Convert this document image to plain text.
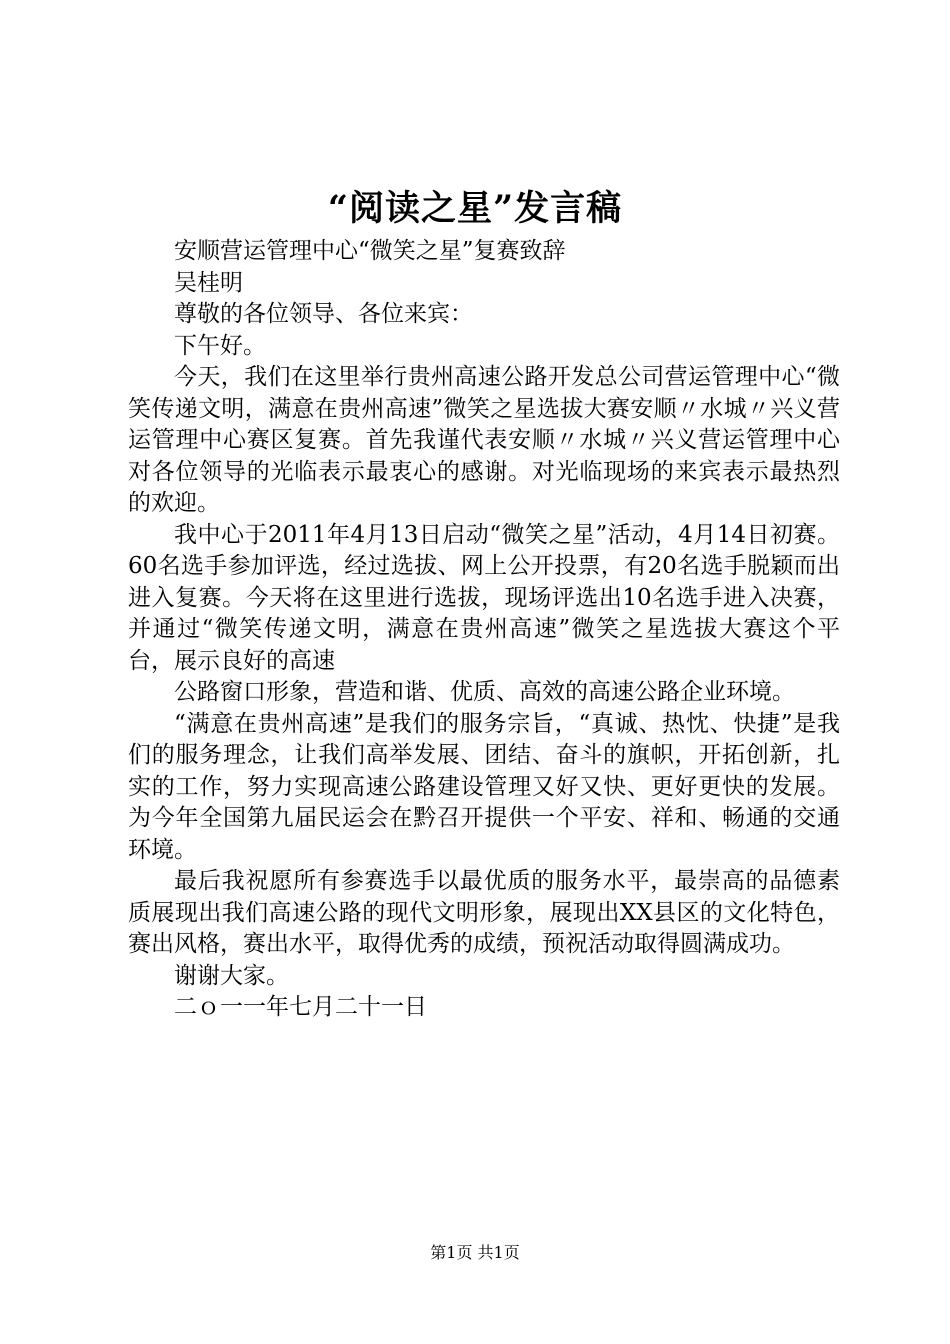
“阅读之星”发言稿

安顺营运管理中心“微笑之星”复赛致辞

吴桂明

尊敬的各位领导、各位来宾：

下午好。

今天，我们在这里举行贵州高速公路开发总公司营运管理中心“微笑传递文明，满意在贵州高速”微笑之星选拔大赛安顺〃水城〃兴义营运管理中心赛区复赛。首先我谨代表安顺〃水城〃兴义营运管理中心对各位领导的光临表示最衷心的感谢。对光临现场的来宾表示最热烈的欢迎。

我中心于2011年4月13日启动“微笑之星”活动，4月14日初赛。60名选手参加评选，经过选拔、网上公开投票，有20名选手脱颖而出进入复赛。今天将在这里进行选拔，现场评选出10名选手进入决赛，并通过“微笑传递文明，满意在贵州高速”微笑之星选拔大赛这个平台，展示良好的高速

公路窗口形象，营造和谐、优质、高效的高速公路企业环境。

“满意在贵州高速”是我们的服务宗旨，“真诚、热忱、快捷”是我们的服务理念，让我们高举发展、团结、奋斗的旗帜，开拓创新，扎实的工作，努力实现高速公路建设管理又好又快、更好更快的发展。为今年全国第九届民运会在黔召开提供一个平安、祥和、畅通的交通环境。

最后我祝愿所有参赛选手以最优质的服务水平，最崇高的品德素质展现出我们高速公路的现代文明形象，展现出XX县区的文化特色，赛出风格，赛出水平，取得优秀的成绩，预祝活动取得圆满成功。

谢谢大家。

二ｏ一一年七月二十一日

第1页 共1页
